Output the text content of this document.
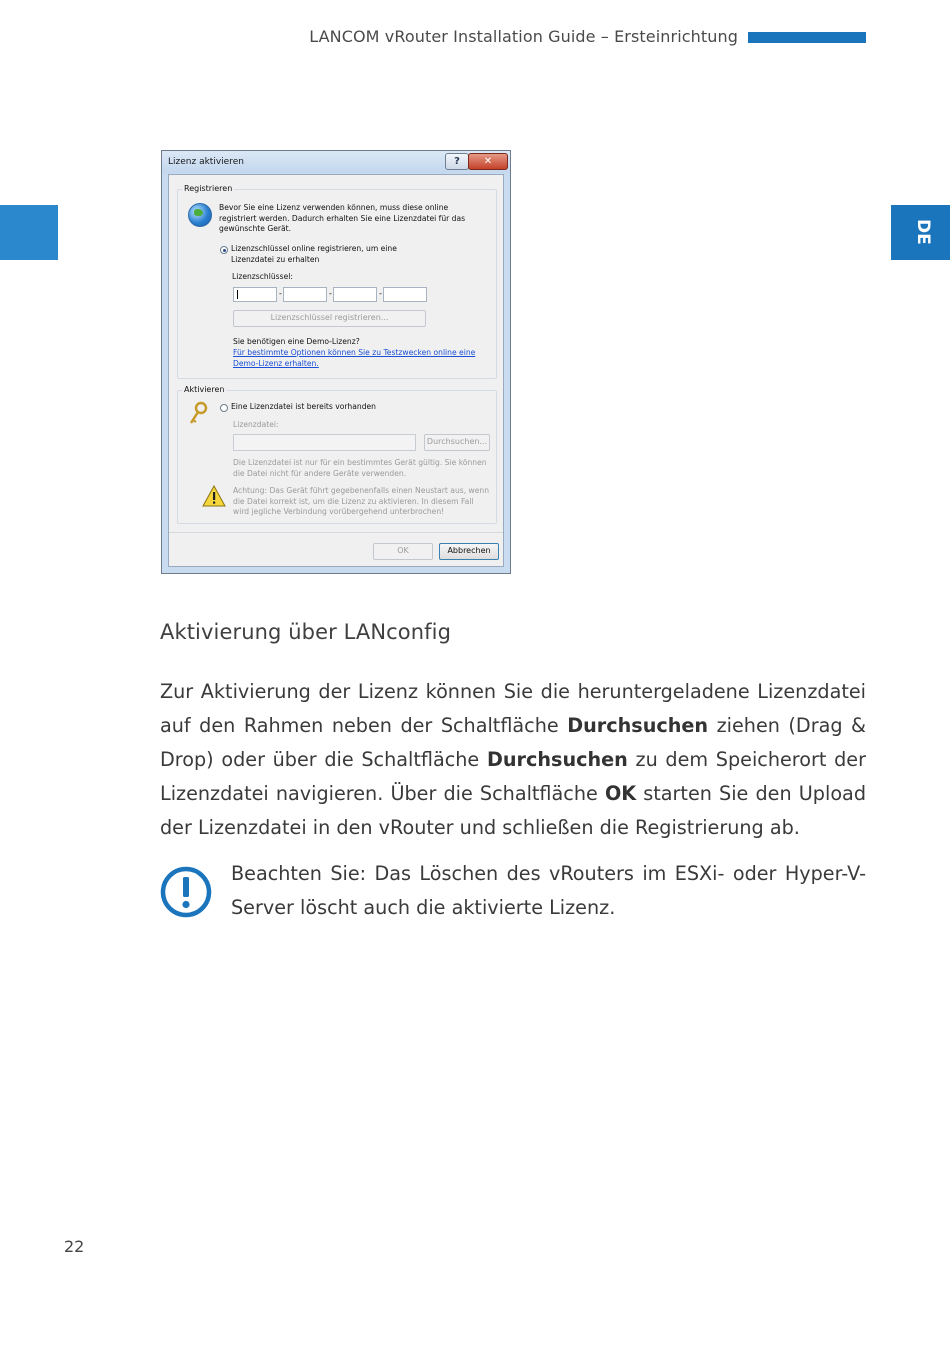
LANCOM vRouter Installation Guide – Ersteinrichtung
DE
Lizenz aktivieren	?	✕
Registrieren
Bevor Sie eine Lizenz verwenden können, muss diese online registriert werden. Dadurch erhalten Sie eine Lizenzdatei für das gewünschte Gerät.
Lizenzschlüssel online registrieren, um eine Lizenzdatei zu erhalten
Lizenzschlüssel:
-	-	-
Lizenzschlüssel registrieren...
Sie benötigen eine Demo-Lizenz?
Für bestimmte Optionen können Sie zu Testzwecken online eine Demo-Lizenz erhalten.
Aktivieren
Eine Lizenzdatei ist bereits vorhanden
Lizenzdatei:
Durchsuchen...
Die Lizenzdatei ist nur für ein bestimmtes Gerät gültig. Sie können die Datei nicht für andere Geräte verwenden.
Achtung: Das Gerät führt gegebenenfalls einen Neustart aus, wenn die Datei korrekt ist, um die Lizenz zu aktivieren. In diesem Fall wird jegliche Verbindung vorübergehend unterbrochen!
OK	Abbrechen
Aktivierung über LANconfig
Zur Aktivierung der Lizenz können Sie die heruntergeladene Lizenzdatei auf den Rahmen neben der Schaltfläche Durchsuchen ziehen (Drag & Drop) oder über die Schaltfläche Durchsuchen zu dem Speicherort der Lizenzdatei navigieren. Über die Schaltfläche OK starten Sie den Upload der Lizenzdatei in den vRouter und schließen die Registrierung ab.
Beachten Sie: Das Löschen des vRouters im ESXi- oder Hyper-V-Server löscht auch die aktivierte Lizenz.
22
